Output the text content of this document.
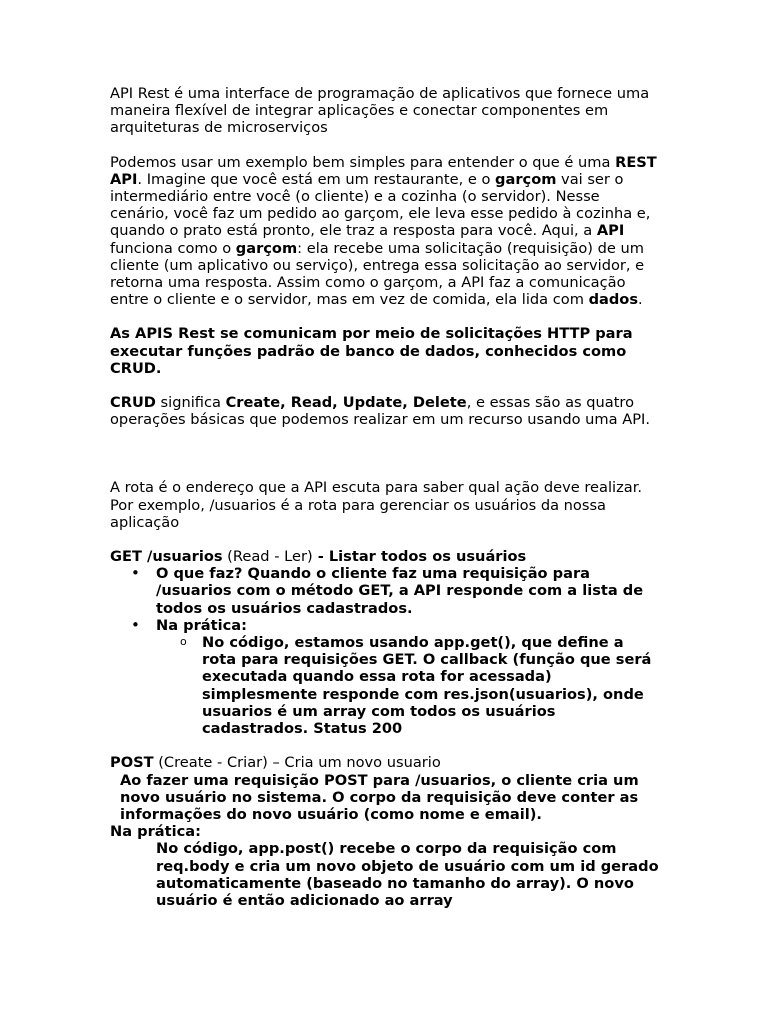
API Rest é uma interface de programação de aplicativos que fornece uma maneira flexível de integrar aplicações e conectar componentes em arquiteturas de microserviços

Podemos usar um exemplo bem simples para entender o que é uma REST API. Imagine que você está em um restaurante, e o garçom vai ser o intermediário entre você (o cliente) e a cozinha (o servidor). Nesse cenário, você faz um pedido ao garçom, ele leva esse pedido à cozinha e, quando o prato está pronto, ele traz a resposta para você. Aqui, a API funciona como o garçom: ela recebe uma solicitação (requisição) de um cliente (um aplicativo ou serviço), entrega essa solicitação ao servidor, e retorna uma resposta. Assim como o garçom, a API faz a comunicação entre o cliente e o servidor, mas em vez de comida, ela lida com dados.

As APIS Rest se comunicam por meio de solicitações HTTP para executar funções padrão de banco de dados, conhecidos como CRUD.

CRUD significa Create, Read, Update, Delete, e essas são as quatro operações básicas que podemos realizar em um recurso usando uma API.

A rota é o endereço que a API escuta para saber qual ação deve realizar. Por exemplo, /usuarios é a rota para gerenciar os usuários da nossa aplicação

GET /usuarios (Read - Ler) - Listar todos os usuários

• O que faz? Quando o cliente faz uma requisição para /usuarios com o método GET, a API responde com a lista de todos os usuários cadastrados.
• Na prática:
o No código, estamos usando app.get(), que define a rota para requisições GET. O callback (função que será executada quando essa rota for acessada) simplesmente responde com res.json(usuarios), onde usuarios é um array com todos os usuários cadastrados. Status 200

POST (Create - Criar) – Cria um novo usuario

Ao fazer uma requisição POST para /usuarios, o cliente cria um novo usuário no sistema. O corpo da requisição deve conter as informações do novo usuário (como nome e email).

Na prática:

No código, app.post() recebe o corpo da requisição com req.body e cria um novo objeto de usuário com um id gerado automaticamente (baseado no tamanho do array). O novo usuário é então adicionado ao array
